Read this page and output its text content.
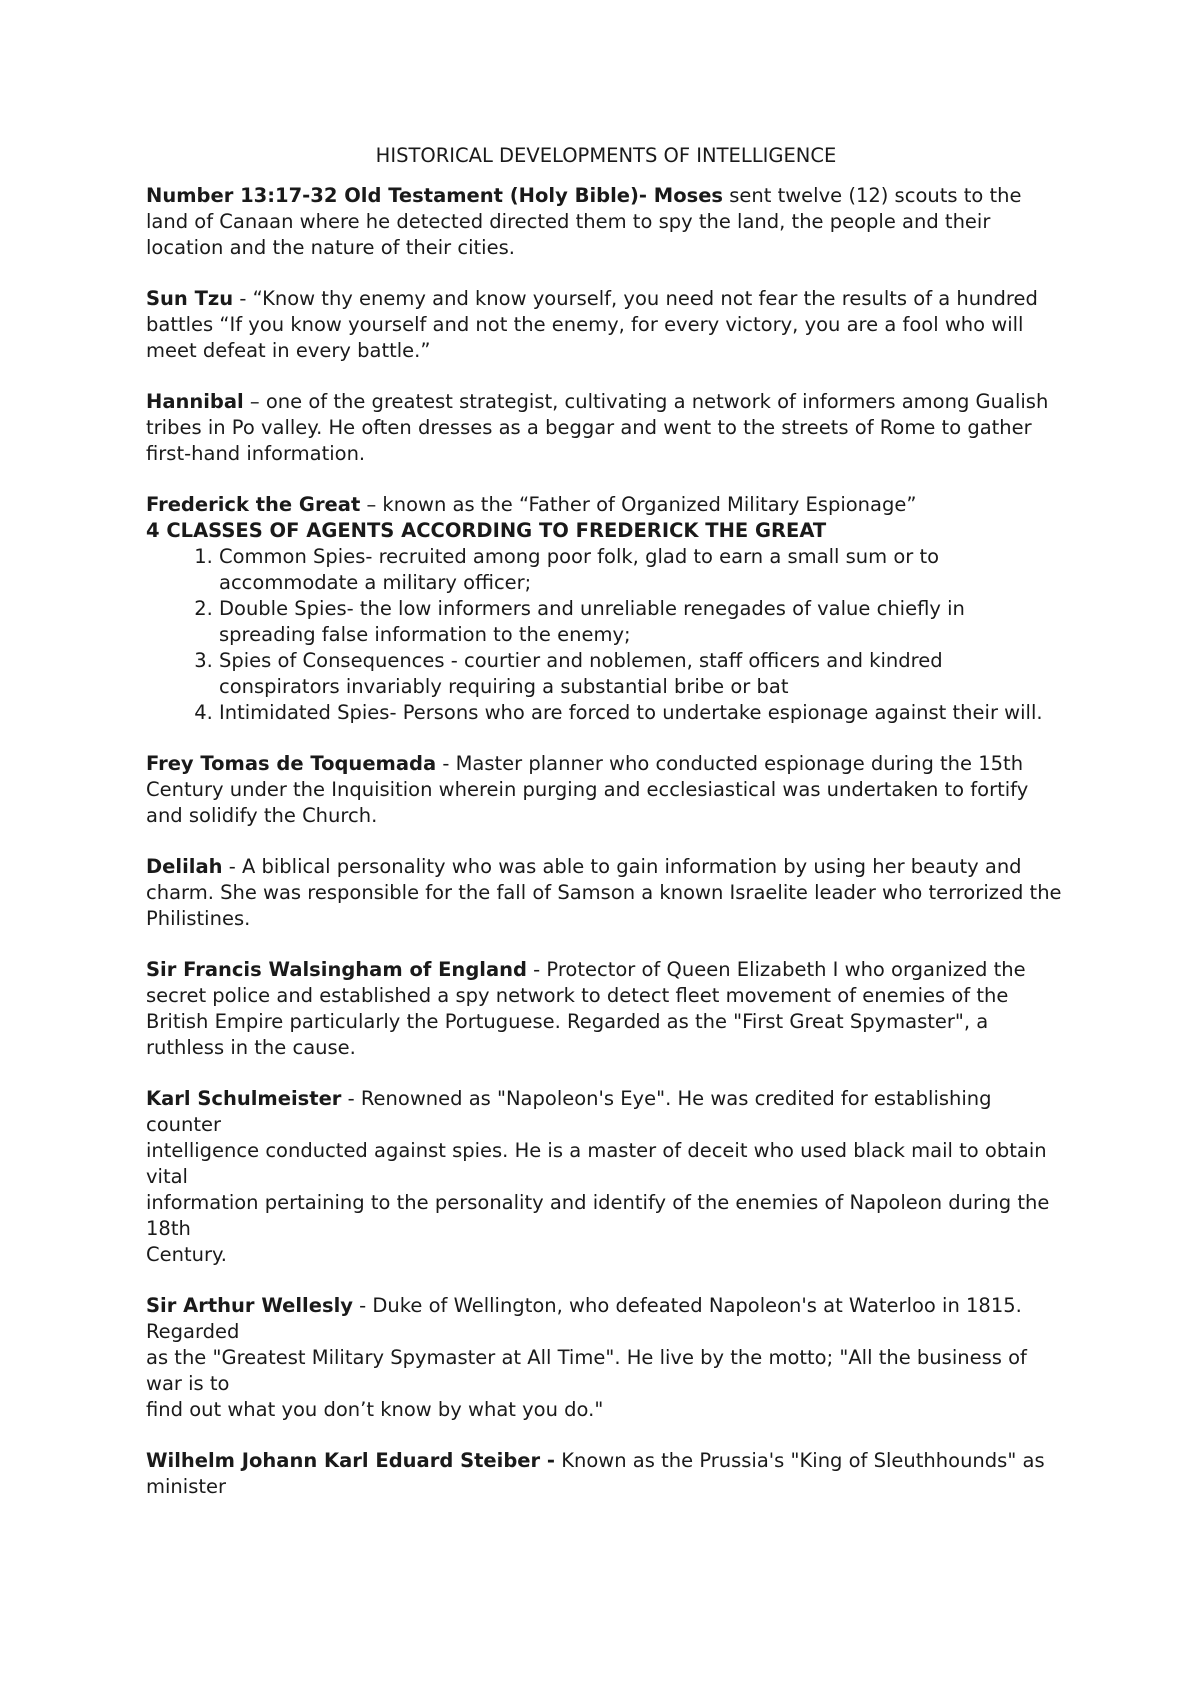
HISTORICAL DEVELOPMENTS OF INTELLIGENCE

Number 13:17-32 Old Testament (Holy Bible)- Moses sent twelve (12) scouts to the land of Canaan where he detected directed them to spy the land, the people and their location and the nature of their cities.

Sun Tzu - “Know thy enemy and know yourself, you need not fear the results of a hundred battles “If you know yourself and not the enemy, for every victory, you are a fool who will meet defeat in every battle.”

Hannibal – one of the greatest strategist, cultivating a network of informers among Gualish tribes in Po valley. He often dresses as a beggar and went to the streets of Rome to gather first-hand information.

Frederick the Great – known as the “Father of Organized Military Espionage”

4 CLASSES OF AGENTS ACCORDING TO FREDERICK THE GREAT

1. Common Spies- recruited among poor folk, glad to earn a small sum or to accommodate a military officer;
2. Double Spies- the low informers and unreliable renegades of value chiefly in spreading false information to the enemy;
3. Spies of Consequences - courtier and noblemen, staff officers and kindred conspirators invariably requiring a substantial bribe or bat
4. Intimidated Spies- Persons who are forced to undertake espionage against their will.

Frey Tomas de Toquemada - Master planner who conducted espionage during the 15th Century under the Inquisition wherein purging and ecclesiastical was undertaken to fortify and solidify the Church.

Delilah - A biblical personality who was able to gain information by using her beauty and charm. She was responsible for the fall of Samson a known Israelite leader who terrorized the Philistines.

Sir Francis Walsingham of England - Protector of Queen Elizabeth I who organized the secret police and established a spy network to detect fleet movement of enemies of the British Empire particularly the Portuguese. Regarded as the "First Great Spymaster", a ruthless in the cause.

Karl Schulmeister - Renowned as "Napoleon's Eye". He was credited for establishing counter
intelligence conducted against spies. He is a master of deceit who used black mail to obtain vital
information pertaining to the personality and identify of the enemies of Napoleon during the 18th
Century.

Sir Arthur Wellesly - Duke of Wellington, who defeated Napoleon's at Waterloo in 1815. Regarded
as the "Greatest Military Spymaster at All Time". He live by the motto; "All the business of war is to
find out what you don’t know by what you do."

Wilhelm Johann Karl Eduard Steiber - Known as the Prussia's "King of Sleuthhounds" as minister
